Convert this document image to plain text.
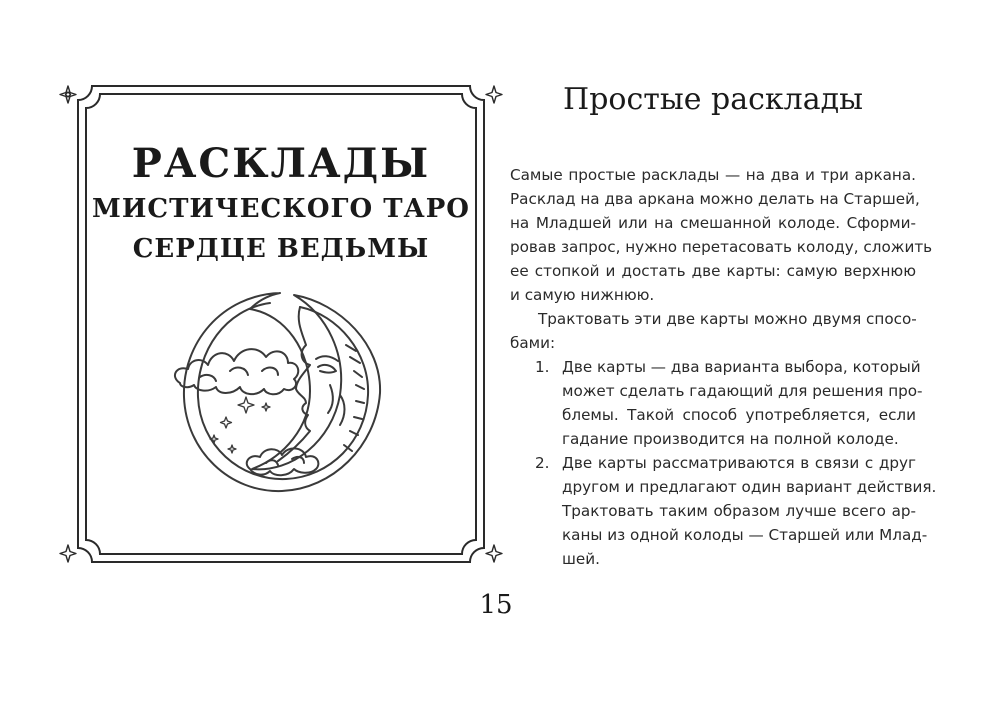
РАСКЛАДЫ
МИСТИЧЕСКОГО ТАРО
СЕРДЦЕ ВЕДЬМЫ
Простые расклады
Самые простые расклады — на два и три аркана.
Расклад на два аркана можно делать на Старшей,
на Младшей или на смешанной колоде. Сформи-
ровав запрос, нужно перетасовать колоду, сложить
ее стопкой и достать две карты: самую верхнюю
и самую нижнюю.
Трактовать эти две карты можно двумя спосо-
бами:
1. Две карты — два варианта выбора, который
может сделать гадающий для решения про-
блемы. Такой способ употребляется, если
гадание производится на полной колоде.
2. Две карты рассматриваются в связи с друг
другом и предлагают один вариант действия.
Трактовать таким образом лучше всего ар-
каны из одной колоды — Старшей или Млад-
шей.
15
